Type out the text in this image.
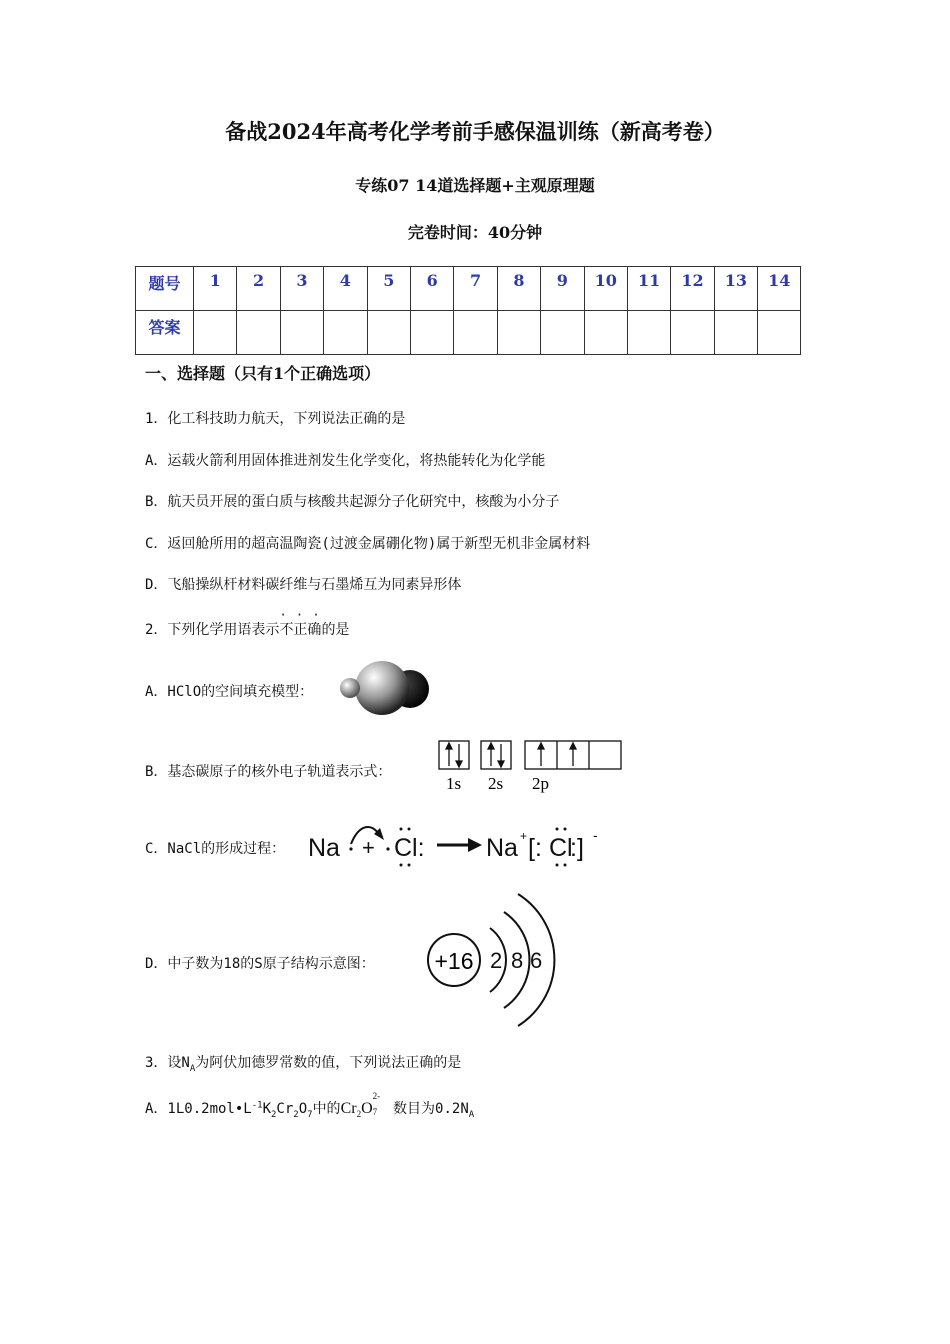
备战2024年高考化学考前手感保温训练（新高考卷）
专练07 14道选择题+主观原理题
完卷时间：40分钟
题号	1	2	3	4	5	6	7	8	9	10	11	12	13	14
答案														
一、选择题（只有1个正确选项）
1．化工科技助力航天，下列说法正确的是
A．运载火箭利用固体推进剂发生化学变化，将热能转化为化学能
B．航天员开展的蛋白质与核酸共起源分子化研究中，核酸为小分子
C．返回舱所用的超高温陶瓷(过渡金属硼化物)属于新型无机非金属材料
D．飞船操纵杆材料碳纤维与石墨烯互为同素异形体
2．下列化学用语表示· · · 不正确的是
A．HClO的空间填充模型：
B．基态碳原子的核外电子轨道表示式：
1s 2s 2p
C．NaCl的形成过程： Na + Cl: Na + [: Cl
:] -
D．中子数为18的S原子结构示意图：	+16 2 8 6
3．设$N_A$为阿伏加德罗常数的值，下列说法正确的是
A．$1L0.2mol•L^{-1}K_2Cr_2O_7$中的$Cr_2O$
2-
7 数目为$0.2N_A$
